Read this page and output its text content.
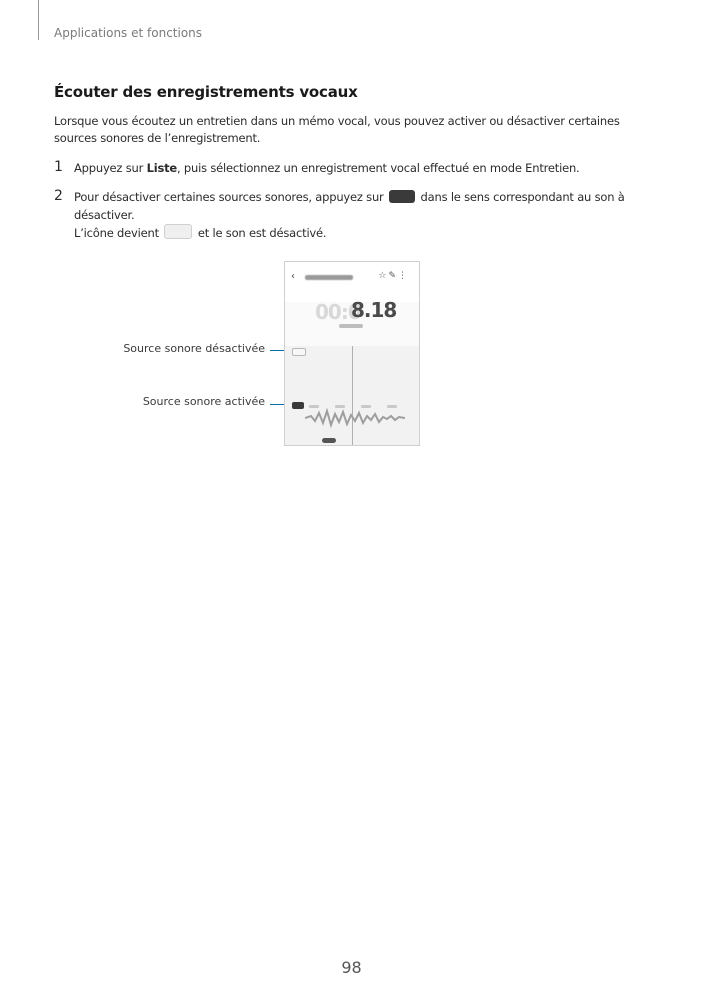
Applications et fonctions
Écouter des enregistrements vocaux
Lorsque vous écoutez un entretien dans un mémo vocal, vous pouvez activer ou désactiver certaines sources sonores de l’enregistrement.
1 Appuyez sur Liste, puis sélectionnez un enregistrement vocal effectué en mode Entretien.
2 Pour désactiver certaines sources sonores, appuyez sur	dans le sens correspondant au son à désactiver.
L’icône devient	et le son est désactivé.
Source sonore désactivée
Source sonore activée
‹	☆✎⋮
00:0
8.18
98
